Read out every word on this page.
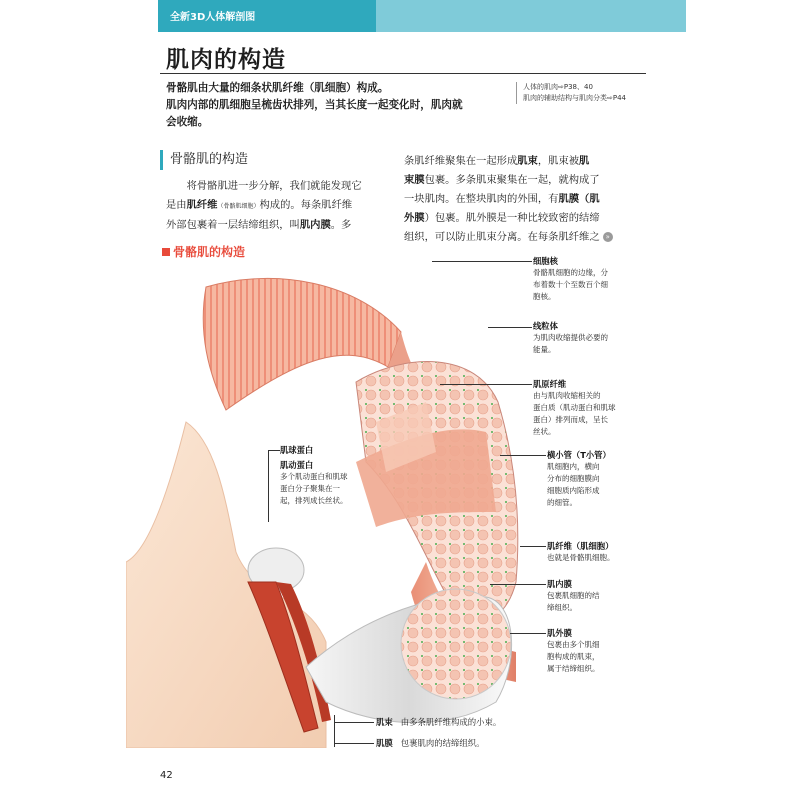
全新3D人体解剖图
肌肉的构造
骨骼肌由大量的细条状肌纤维（肌细胞）构成。
肌肉内部的肌细胞呈梳齿状排列，当其长度一起变化时，肌肉就
会收缩。
人体的肌肉⇨P38、40
肌肉的辅助结构与肌肉分类⇨P44
骨骼肌的构造
　　将骨骼肌进一步分解，我们就能发现它
是由肌纤维（骨骼肌细胞）构成的。每条肌纤维
外部包裹着一层结缔组织，叫肌内膜。多
条肌纤维聚集在一起形成肌束，肌束被肌
束膜包裹。多条肌束聚集在一起，就构成了
一块肌肉。在整块肌肉的外围，有肌膜（肌
外膜）包裹。肌外膜是一种比较致密的结缔
组织，可以防止肌束分离。在每条肌纤维之 »
骨骼肌的构造
细胞核
骨骼肌细胞的边缘，分
布着数十个至数百个细
胞核。
线粒体
为肌肉收缩提供必要的
能量。
肌原纤维
由与肌肉收缩相关的
蛋白质（肌动蛋白和肌球
蛋白）排列而成，呈长
丝状。
横小管（T小管）
肌细胞内，横向
分布的细胞膜向
细胞质内陷形成
的细管。
肌纤维（肌细胞）
也就是骨骼肌细胞。
肌内膜
包裹肌细胞的结
缔组织。
肌外膜
包裹由多个肌细
胞构成的肌束，
属于结缔组织。
肌球蛋白
肌动蛋白
多个肌动蛋白和肌球
蛋白分子聚集在一
起，排列成长丝状。
肌束 由多条肌纤维构成的小束。
肌膜 包裹肌肉的结缔组织。
42
